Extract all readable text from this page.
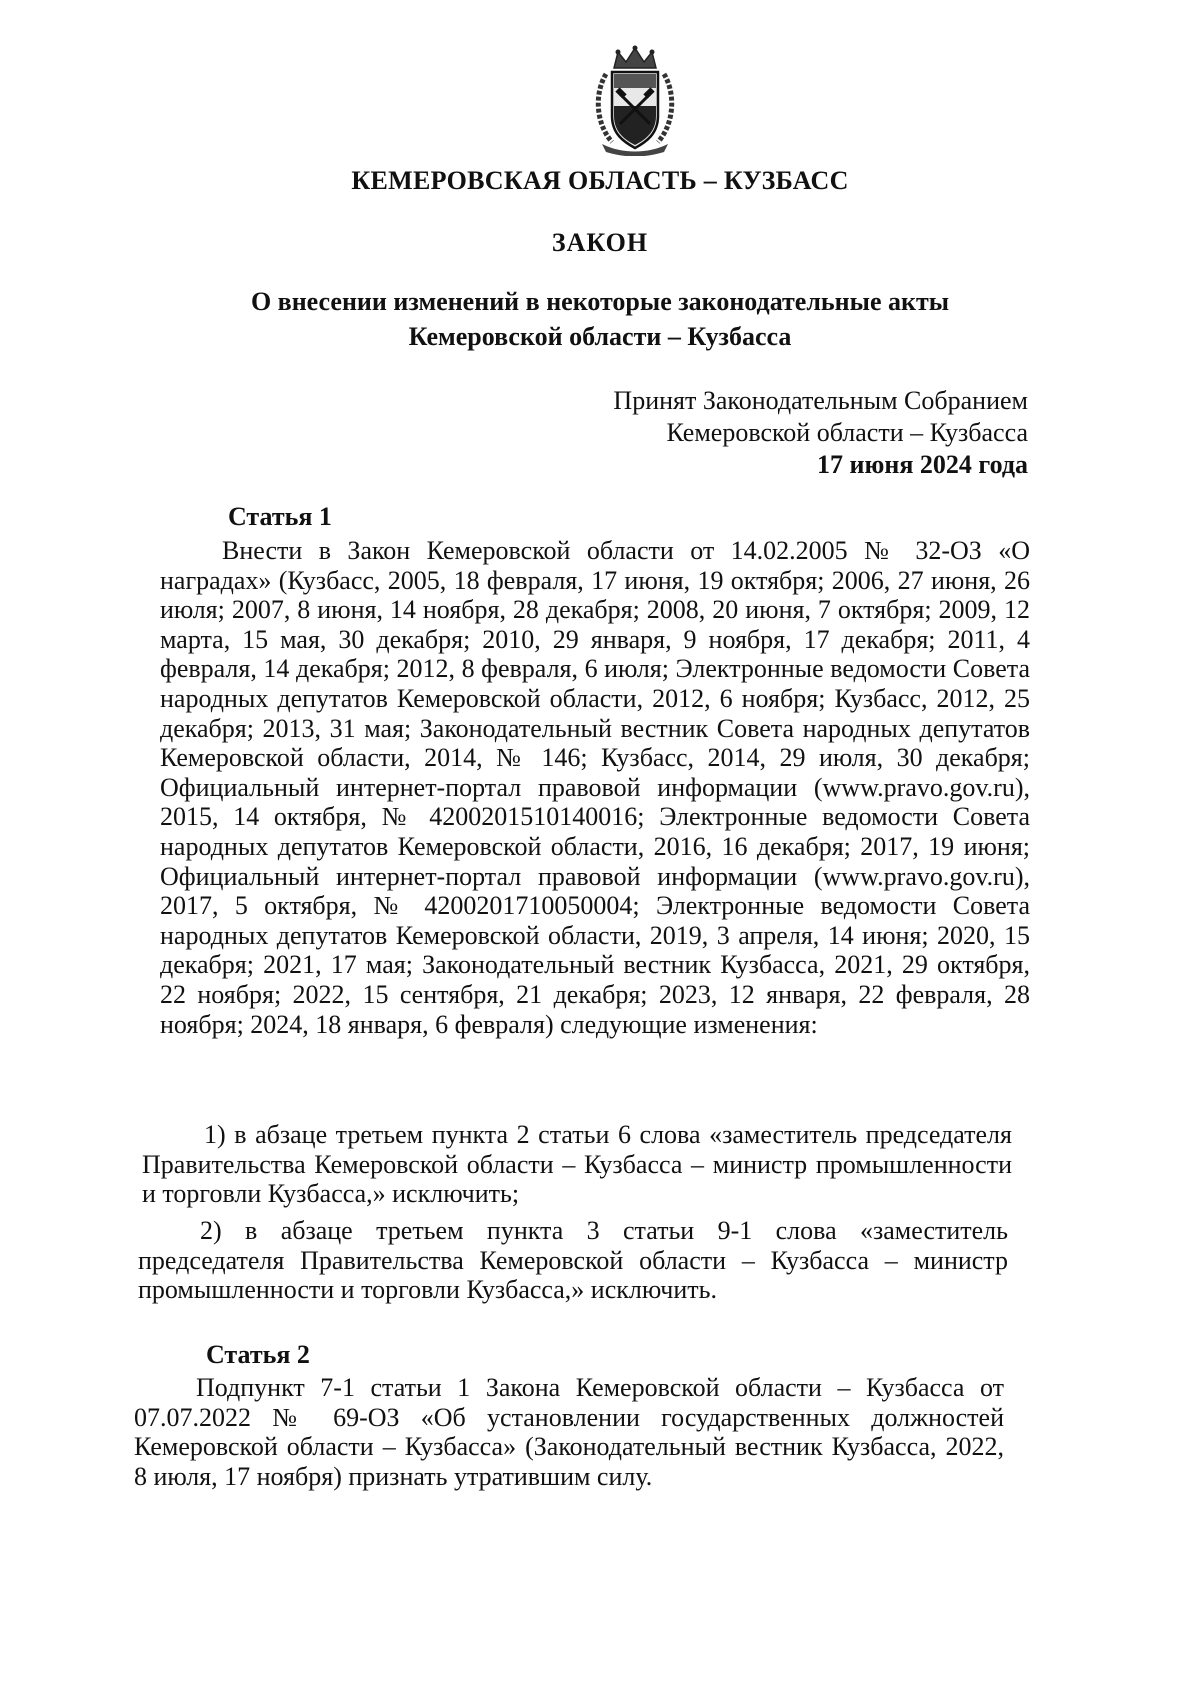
КЕМЕРОВСКАЯ ОБЛАСТЬ – КУЗБАСС
ЗАКОН
О внесении изменений в некоторые законодательные акты
Кемеровской области – Кузбасса
Принят Законодательным Собранием
Кемеровской области – Кузбасса
17 июня 2024 года
Статья 1
Внести в Закон Кемеровской области от 14.02.2005 № 32-ОЗ «О наградах» (Кузбасс, 2005, 18 февраля, 17 июня, 19 октября; 2006, 27 июня, 26 июля; 2007, 8 июня, 14 ноября, 28 декабря; 2008, 20 июня, 7 октября; 2009, 12 марта, 15 мая, 30 декабря; 2010, 29 января, 9 ноября, 17 декабря; 2011, 4 февраля, 14 декабря; 2012, 8 февраля, 6 июля; Электронные ведомости Совета народных депутатов Кемеровской области, 2012, 6 ноября; Кузбасс, 2012, 25 декабря; 2013, 31 мая; Законодательный вестник Совета народных депутатов Кемеровской области, 2014, № 146; Кузбасс, 2014, 29 июля, 30 декабря; Официальный интернет-портал правовой информации (www.pravo.gov.ru), 2015, 14 октября, № 4200201510140016; Электронные ведомости Совета народных депутатов Кемеровской области, 2016, 16 декабря; 2017, 19 июня; Официальный интернет-портал правовой информации (www.pravo.gov.ru), 2017, 5 октября, № 4200201710050004; Электронные ведомости Совета народных депутатов Кемеровской области, 2019, 3 апреля, 14 июня; 2020, 15 декабря; 2021, 17 мая; Законодательный вестник Кузбасса, 2021, 29 октября, 22 ноября; 2022, 15 сентября, 21 декабря; 2023, 12 января, 22 февраля, 28 ноября; 2024, 18 января, 6 февраля) следующие изменения:
1) в абзаце третьем пункта 2 статьи 6 слова «заместитель председателя Правительства Кемеровской области – Кузбасса – министр промышленности и торговли Кузбасса,» исключить;
2) в абзаце третьем пункта 3 статьи 9-1 слова «заместитель председателя Правительства Кемеровской области – Кузбасса – министр промышленности и торговли Кузбасса,» исключить.
Статья 2
Подпункт 7-1 статьи 1 Закона Кемеровской области – Кузбасса от 07.07.2022 № 69-ОЗ «Об установлении государственных должностей Кемеровской области – Кузбасса» (Законодательный вестник Кузбасса, 2022, 8 июля, 17 ноября) признать утратившим силу.
